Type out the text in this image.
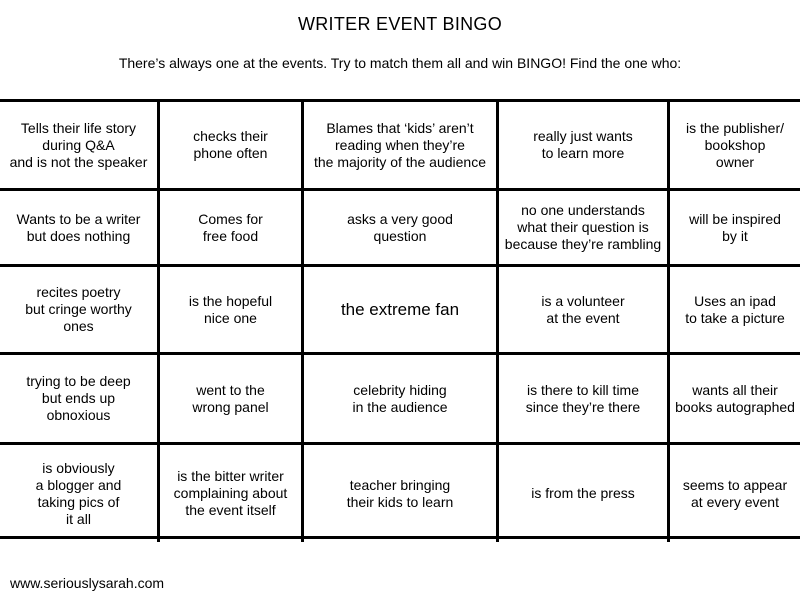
WRITER EVENT BINGO
There’s always one at the events. Try to match them all and win BINGO! Find the one who:
Tells their life story
during Q&A
and is not the speaker
checks their
phone often
Blames that ‘kids’ aren’t
reading when they’re
the majority of the audience
really just wants
to learn more
is the publisher/
bookshop
owner
Wants to be a writer
but does nothing
Comes for
free food
asks a very good
question
no one understands
what their question is
because they’re rambling
will be inspired
by it
recites poetry
but cringe worthy
ones
is the hopeful
nice one	the extreme fan	is a volunteer
at the event
Uses an ipad
to take a picture
trying to be deep
but ends up
obnoxious
went to the
wrong panel
celebrity hiding
in the audience
is there to kill time
since they’re there
wants all their
books autographed
is obviously
a blogger and
taking pics of
it all
is the bitter writer
complaining about
the event itself
teacher bringing
their kids to learn
is from the press
seems to appear
at every event
www.seriouslysarah.com
